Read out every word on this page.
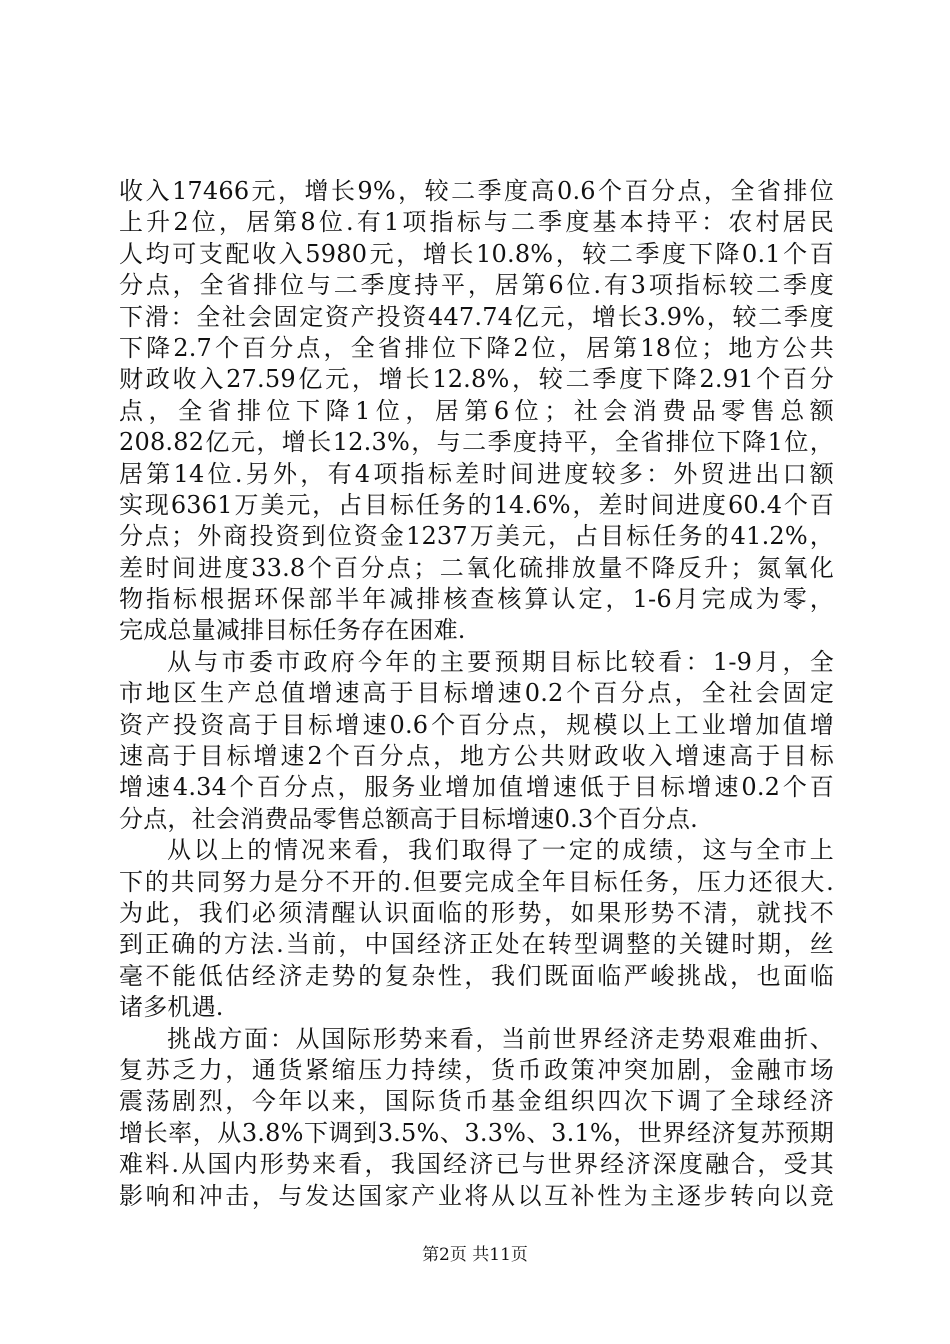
收入17466元，增长9%，较二季度高0.6个百分点，全省排位
上升2位，居第8位.有1项指标与二季度基本持平：农村居民
人均可支配收入5980元，增长10.8%，较二季度下降0.1个百
分点，全省排位与二季度持平，居第6位.有3项指标较二季度
下滑：全社会固定资产投资447.74亿元，增长3.9%，较二季度
下降2.7个百分点，全省排位下降2位，居第18位；地方公共
财政收入27.59亿元，增长12.8%，较二季度下降2.91个百分
点，全省排位下降1位，居第6位；社会消费品零售总额
208.82亿元，增长12.3%，与二季度持平，全省排位下降1位，
居第14位.另外，有4项指标差时间进度较多：外贸进出口额
实现6361万美元，占目标任务的14.6%，差时间进度60.4个百
分点；外商投资到位资金1237万美元，占目标任务的41.2%，
差时间进度33.8个百分点；二氧化硫排放量不降反升；氮氧化
物指标根据环保部半年减排核查核算认定，1-6月完成为零，
完成总量减排目标任务存在困难.
从与市委市政府今年的主要预期目标比较看：1-9月，全
市地区生产总值增速高于目标增速0.2个百分点，全社会固定
资产投资高于目标增速0.6个百分点，规模以上工业增加值增
速高于目标增速2个百分点，地方公共财政收入增速高于目标
增速4.34个百分点，服务业增加值增速低于目标增速0.2个百
分点，社会消费品零售总额高于目标增速0.3个百分点.
从以上的情况来看，我们取得了一定的成绩，这与全市上
下的共同努力是分不开的.但要完成全年目标任务，压力还很大.
为此，我们必须清醒认识面临的形势，如果形势不清，就找不
到正确的方法.当前，中国经济正处在转型调整的关键时期，丝
毫不能低估经济走势的复杂性，我们既面临严峻挑战，也面临
诸多机遇.
挑战方面：从国际形势来看，当前世界经济走势艰难曲折、
复苏乏力，通货紧缩压力持续，货币政策冲突加剧，金融市场
震荡剧烈，今年以来，国际货币基金组织四次下调了全球经济
增长率，从3.8%下调到3.5%、3.3%、3.1%，世界经济复苏预期
难料.从国内形势来看，我国经济已与世界经济深度融合，受其
影响和冲击，与发达国家产业将从以互补性为主逐步转向以竞
第2页 共11页
